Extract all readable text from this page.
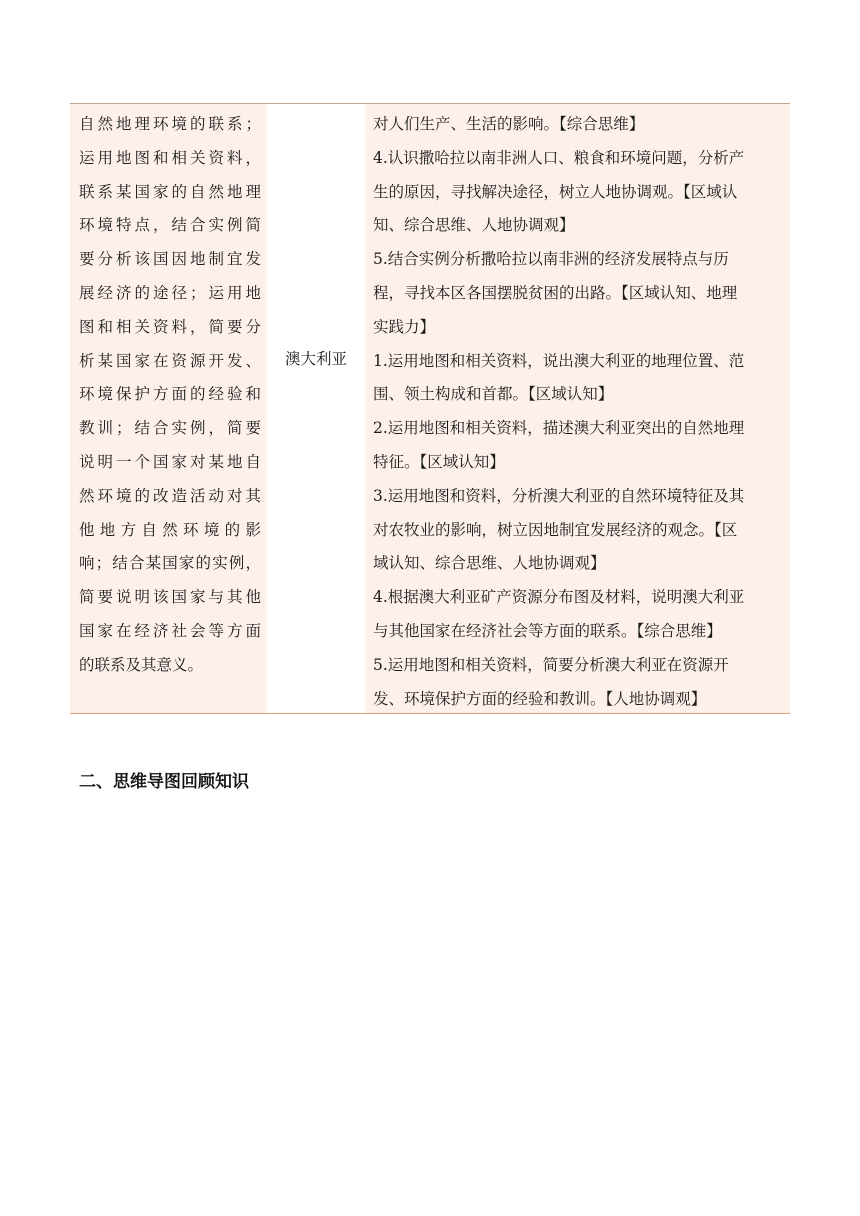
自然地理环境的联系；
运用地图和相关资料，
联系某国家的自然地理
环境特点，结合实例简
要分析该国因地制宜发
展经济的途径；运用地
图和相关资料，简要分
析某国家在资源开发、
环境保护方面的经验和
教训；结合实例，简要
说明一个国家对某地自
然环境的改造活动对其
他地方自然环境的影
响；结合某国家的实例，
简要说明该国家与其他
国家在经济社会等方面
的联系及其意义。
澳大利亚
对人们生产、生活的影响。【综合思维】
4.认识撒哈拉以南非洲人口、粮食和环境问题，分析产
生的原因，寻找解决途径，树立人地协调观。【区域认
知、综合思维、人地协调观】
5.结合实例分析撒哈拉以南非洲的经济发展特点与历
程，寻找本区各国摆脱贫困的出路。【区域认知、地理
实践力】
1.运用地图和相关资料，说出澳大利亚的地理位置、范
围、领土构成和首都。【区域认知】
2.运用地图和相关资料，描述澳大利亚突出的自然地理
特征。【区域认知】
3.运用地图和资料，分析澳大利亚的自然环境特征及其
对农牧业的影响，树立因地制宜发展经济的观念。【区
域认知、综合思维、人地协调观】
4.根据澳大利亚矿产资源分布图及材料，说明澳大利亚
与其他国家在经济社会等方面的联系。【综合思维】
5.运用地图和相关资料，简要分析澳大利亚在资源开
发、环境保护方面的经验和教训。【人地协调观】
二、思维导图回顾知识
